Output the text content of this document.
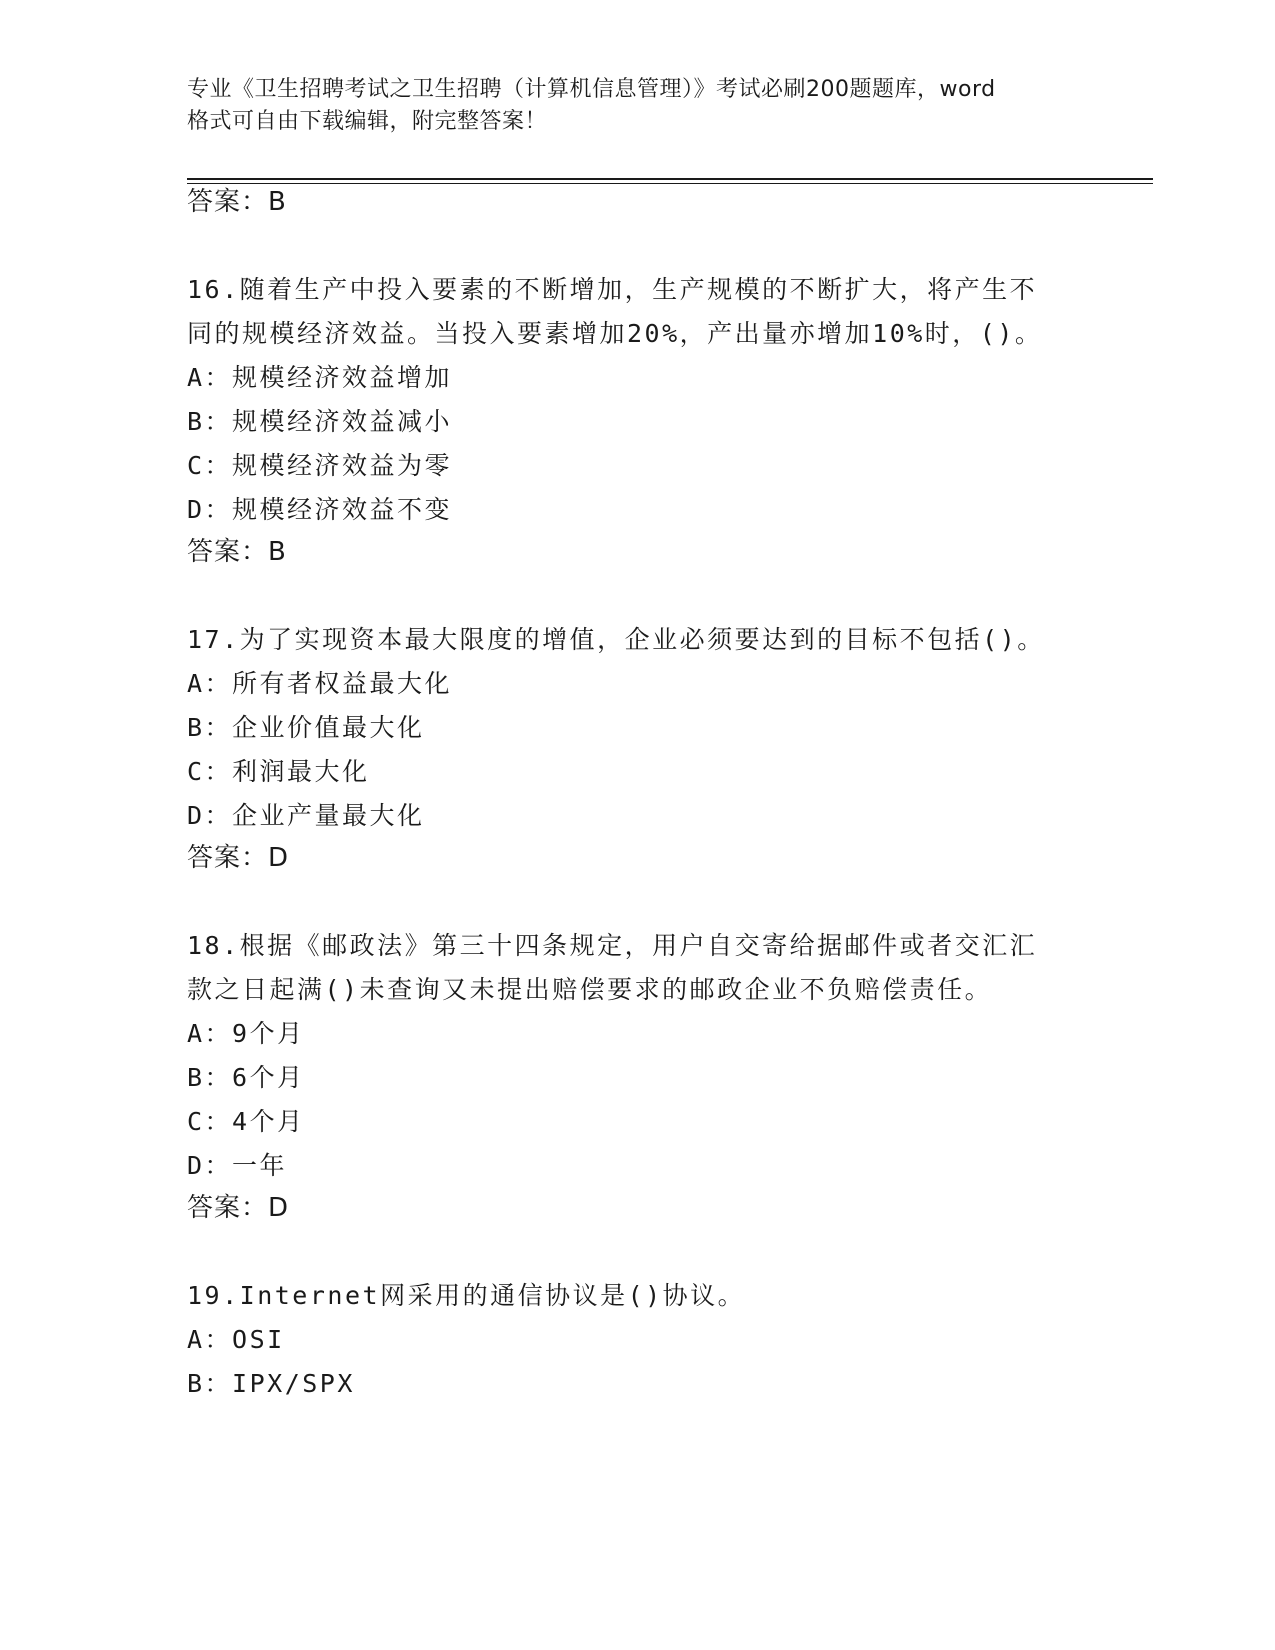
专业《卫生招聘考试之卫生招聘（计算机信息管理）》考试必刷200题题库，word
格式可自由下载编辑，附完整答案！
答案：B
16.随着生产中投入要素的不断增加，生产规模的不断扩大，将产生不
同的规模经济效益。当投入要素增加20%，产出量亦增加10%时，()。
A：规模经济效益增加
B：规模经济效益减小
C：规模经济效益为零
D：规模经济效益不变
答案：B
17.为了实现资本最大限度的增值，企业必须要达到的目标不包括()。
A：所有者权益最大化
B：企业价值最大化
C：利润最大化
D：企业产量最大化
答案：D
18.根据《邮政法》第三十四条规定，用户自交寄给据邮件或者交汇汇
款之日起满()未查询又未提出赔偿要求的邮政企业不负赔偿责任。
A：9个月
B：6个月
C：4个月
D：一年
答案：D
19.Internet网采用的通信协议是()协议。
A：OSI
B：IPX/SPX
